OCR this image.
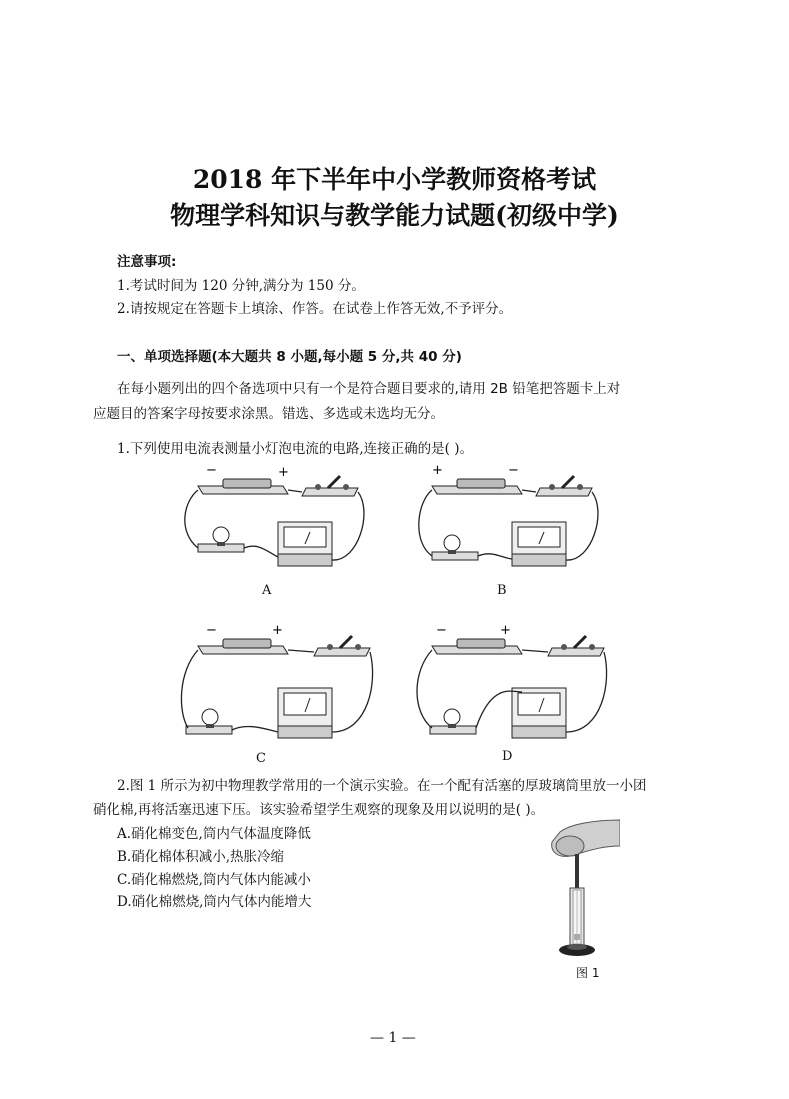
2018 年下半年中小学教师资格考试
物理学科知识与教学能力试题(初级中学)
注意事项:
1.考试时间为 120 分钟,满分为 150 分。
2.请按规定在答题卡上填涂、作答。在试卷上作答无效,不予评分。
一、单项选择题(本大题共 8 小题,每小题 5 分,共 40 分)
在每小题列出的四个备选项中只有一个是符合题目要求的,请用 2B 铅笔把答题卡上对
应题目的答案字母按要求涂黑。错选、多选或未选均无分。
1.下列使用电流表测量小灯泡电流的电路,连接正确的是( )。
−	+
A
+	−
B
−	+
C
−	+
D
2.图 1 所示为初中物理教学常用的一个演示实验。在一个配有活塞的厚玻璃筒里放一小团
硝化棉,再将活塞迅速下压。该实验希望学生观察的现象及用以说明的是( )。
A.硝化棉变色,筒内气体温度降低
B.硝化棉体积减小,热胀冷缩
C.硝化棉燃烧,筒内气体内能减小
D.硝化棉燃烧,筒内气体内能增大
图 1
— 1 —
